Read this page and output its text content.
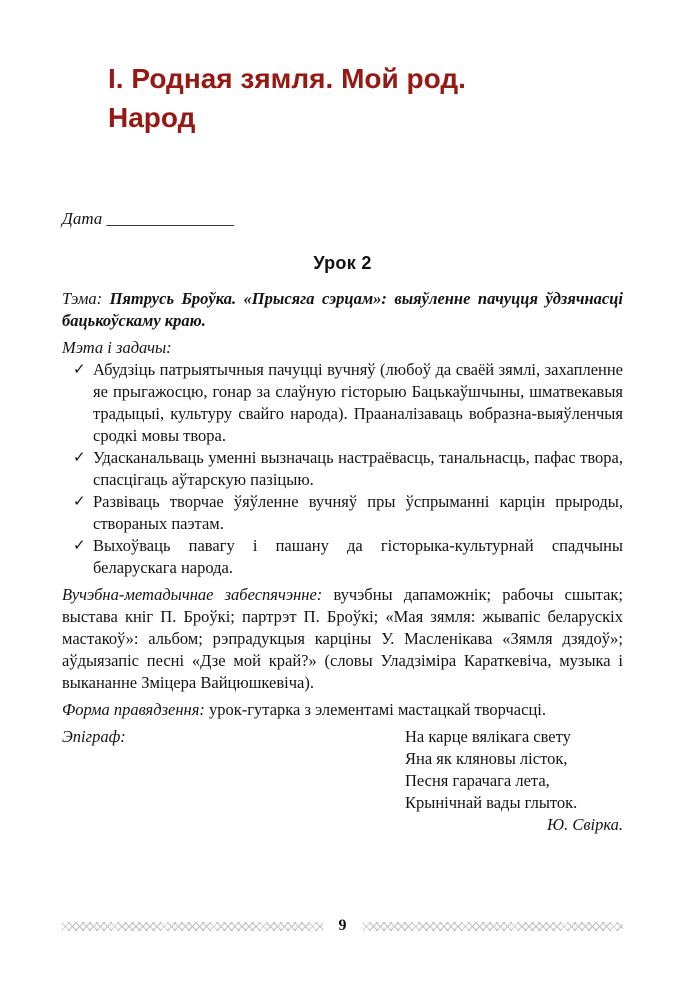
І. Родная зямля. Мой род. Народ
Дата _______________
Урок 2

Тэма: Пятрусь Броўка. «Прысяга сэрцам»: выяўленне пачуцця ўдзячнасці бацькоўскаму краю.

Мэта і задачы:

✓ Абудзіць патрыятычныя пачуцці вучняў (любоў да сваёй зямлі, захапленне яе прыгажосцю, гонар за слаўную гісторыю Бацькаўшчыны, шматвекавыя традыцыі, культуру свайго народа). Прааналізаваць вобразна-выяўленчыя сродкі мовы твора.
✓ Удасканальваць уменні вызначаць настраёвасць, танальнасць, пафас твора, спасцігаць аўтарскую пазіцыю.
✓ Развіваць творчае ўяўленне вучняў пры ўспрыманні карцін прыроды, створаных паэтам.
✓ Выхоўваць павагу і пашану да гісторыка-культурнай спадчыны беларускага народа.

Вучэбна-метадычнае забеспячэнне: вучэбны дапаможнік; рабочы сшытак; выстава кніг П. Броўкі; партрэт П. Броўкі; «Мая зямля: жывапіс беларускіх мастакоў»: альбом; рэпрадукцыя карціны У. Масленікава «Зямля дзядоў»; аўдыязапіс песні «Дзе мой край?» (словы Уладзіміра Караткевіча, музыка і выкананне Зміцера Вайцюшкевіча).

Форма правядзення: урок-гутарка з элементамі мастацкай творчасці.

Эпіграф:	На карце вялікага свету
Яна як кляновы лісток,
Песня гарачага лета,
Крынічнай вады глыток.
Ю. Свірка.
9
